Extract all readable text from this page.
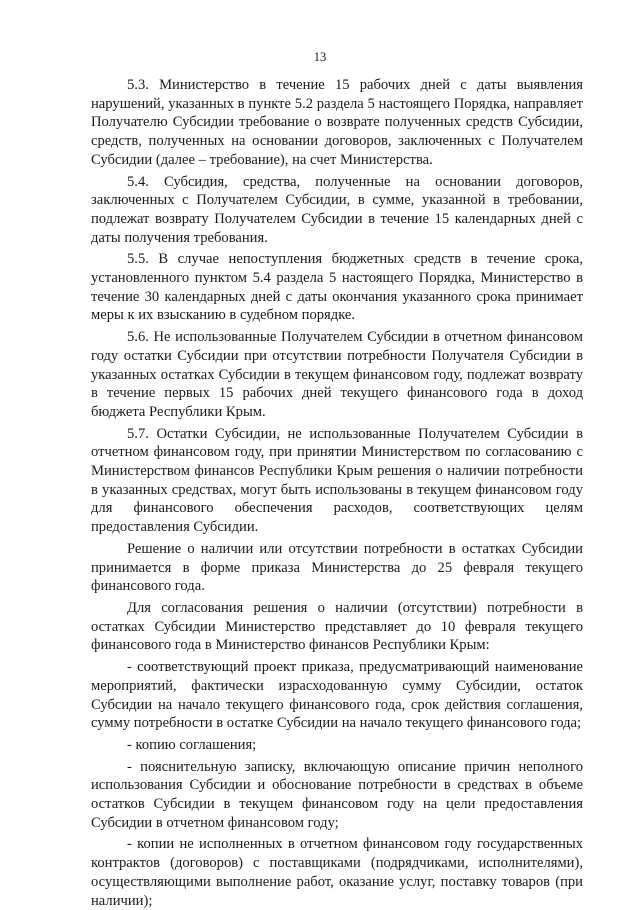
13

5.3. Министерство в течение 15 рабочих дней с даты выявления нарушений, указанных в пункте 5.2 раздела 5 настоящего Порядка, направляет Получателю Субсидии требование о возврате полученных средств Субсидии, средств, полученных на основании договоров, заключенных с Получателем Субсидии (далее – требование), на счет Министерства.

5.4. Субсидия, средства, полученные на основании договоров, заключенных с Получателем Субсидии, в сумме, указанной в требовании, подлежат возврату Получателем Субсидии в течение 15 календарных дней с даты получения требования.

5.5. В случае непоступления бюджетных средств в течение срока, установленного пунктом 5.4 раздела 5 настоящего Порядка, Министерство в течение 30 календарных дней с даты окончания указанного срока принимает меры к их взысканию в судебном порядке.

5.6. Не использованные Получателем Субсидии в отчетном финансовом году остатки Субсидии при отсутствии потребности Получателя Субсидии в указанных остатках Субсидии в текущем финансовом году, подлежат возврату в течение первых 15 рабочих дней текущего финансового года в доход бюджета Республики Крым.

5.7. Остатки Субсидии, не использованные Получателем Субсидии в отчетном финансовом году, при принятии Министерством по согласованию с Министерством финансов Республики Крым решения о наличии потребности в указанных средствах, могут быть использованы в текущем финансовом году для финансового обеспечения расходов, соответствующих целям предоставления Субсидии.

Решение о наличии или отсутствии потребности в остатках Субсидии принимается в форме приказа Министерства до 25 февраля текущего финансового года.

Для согласования решения о наличии (отсутствии) потребности в остатках Субсидии Министерство представляет до 10 февраля текущего финансового года в Министерство финансов Республики Крым:

- соответствующий проект приказа, предусматривающий наименование мероприятий, фактически израсходованную сумму Субсидии, остаток Субсидии на начало текущего финансового года, срок действия соглашения, сумму потребности в остатке Субсидии на начало текущего финансового года;

- копию соглашения;

- пояснительную записку, включающую описание причин неполного использования Субсидии и обоснование потребности в средствах в объеме остатков Субсидии в текущем финансовом году на цели предоставления Субсидии в отчетном финансовом году;

- копии не исполненных в отчетном финансовом году государственных контрактов (договоров) с поставщиками (подрядчиками, исполнителями), осуществляющими выполнение работ, оказание услуг, поставку товаров (при наличии);
